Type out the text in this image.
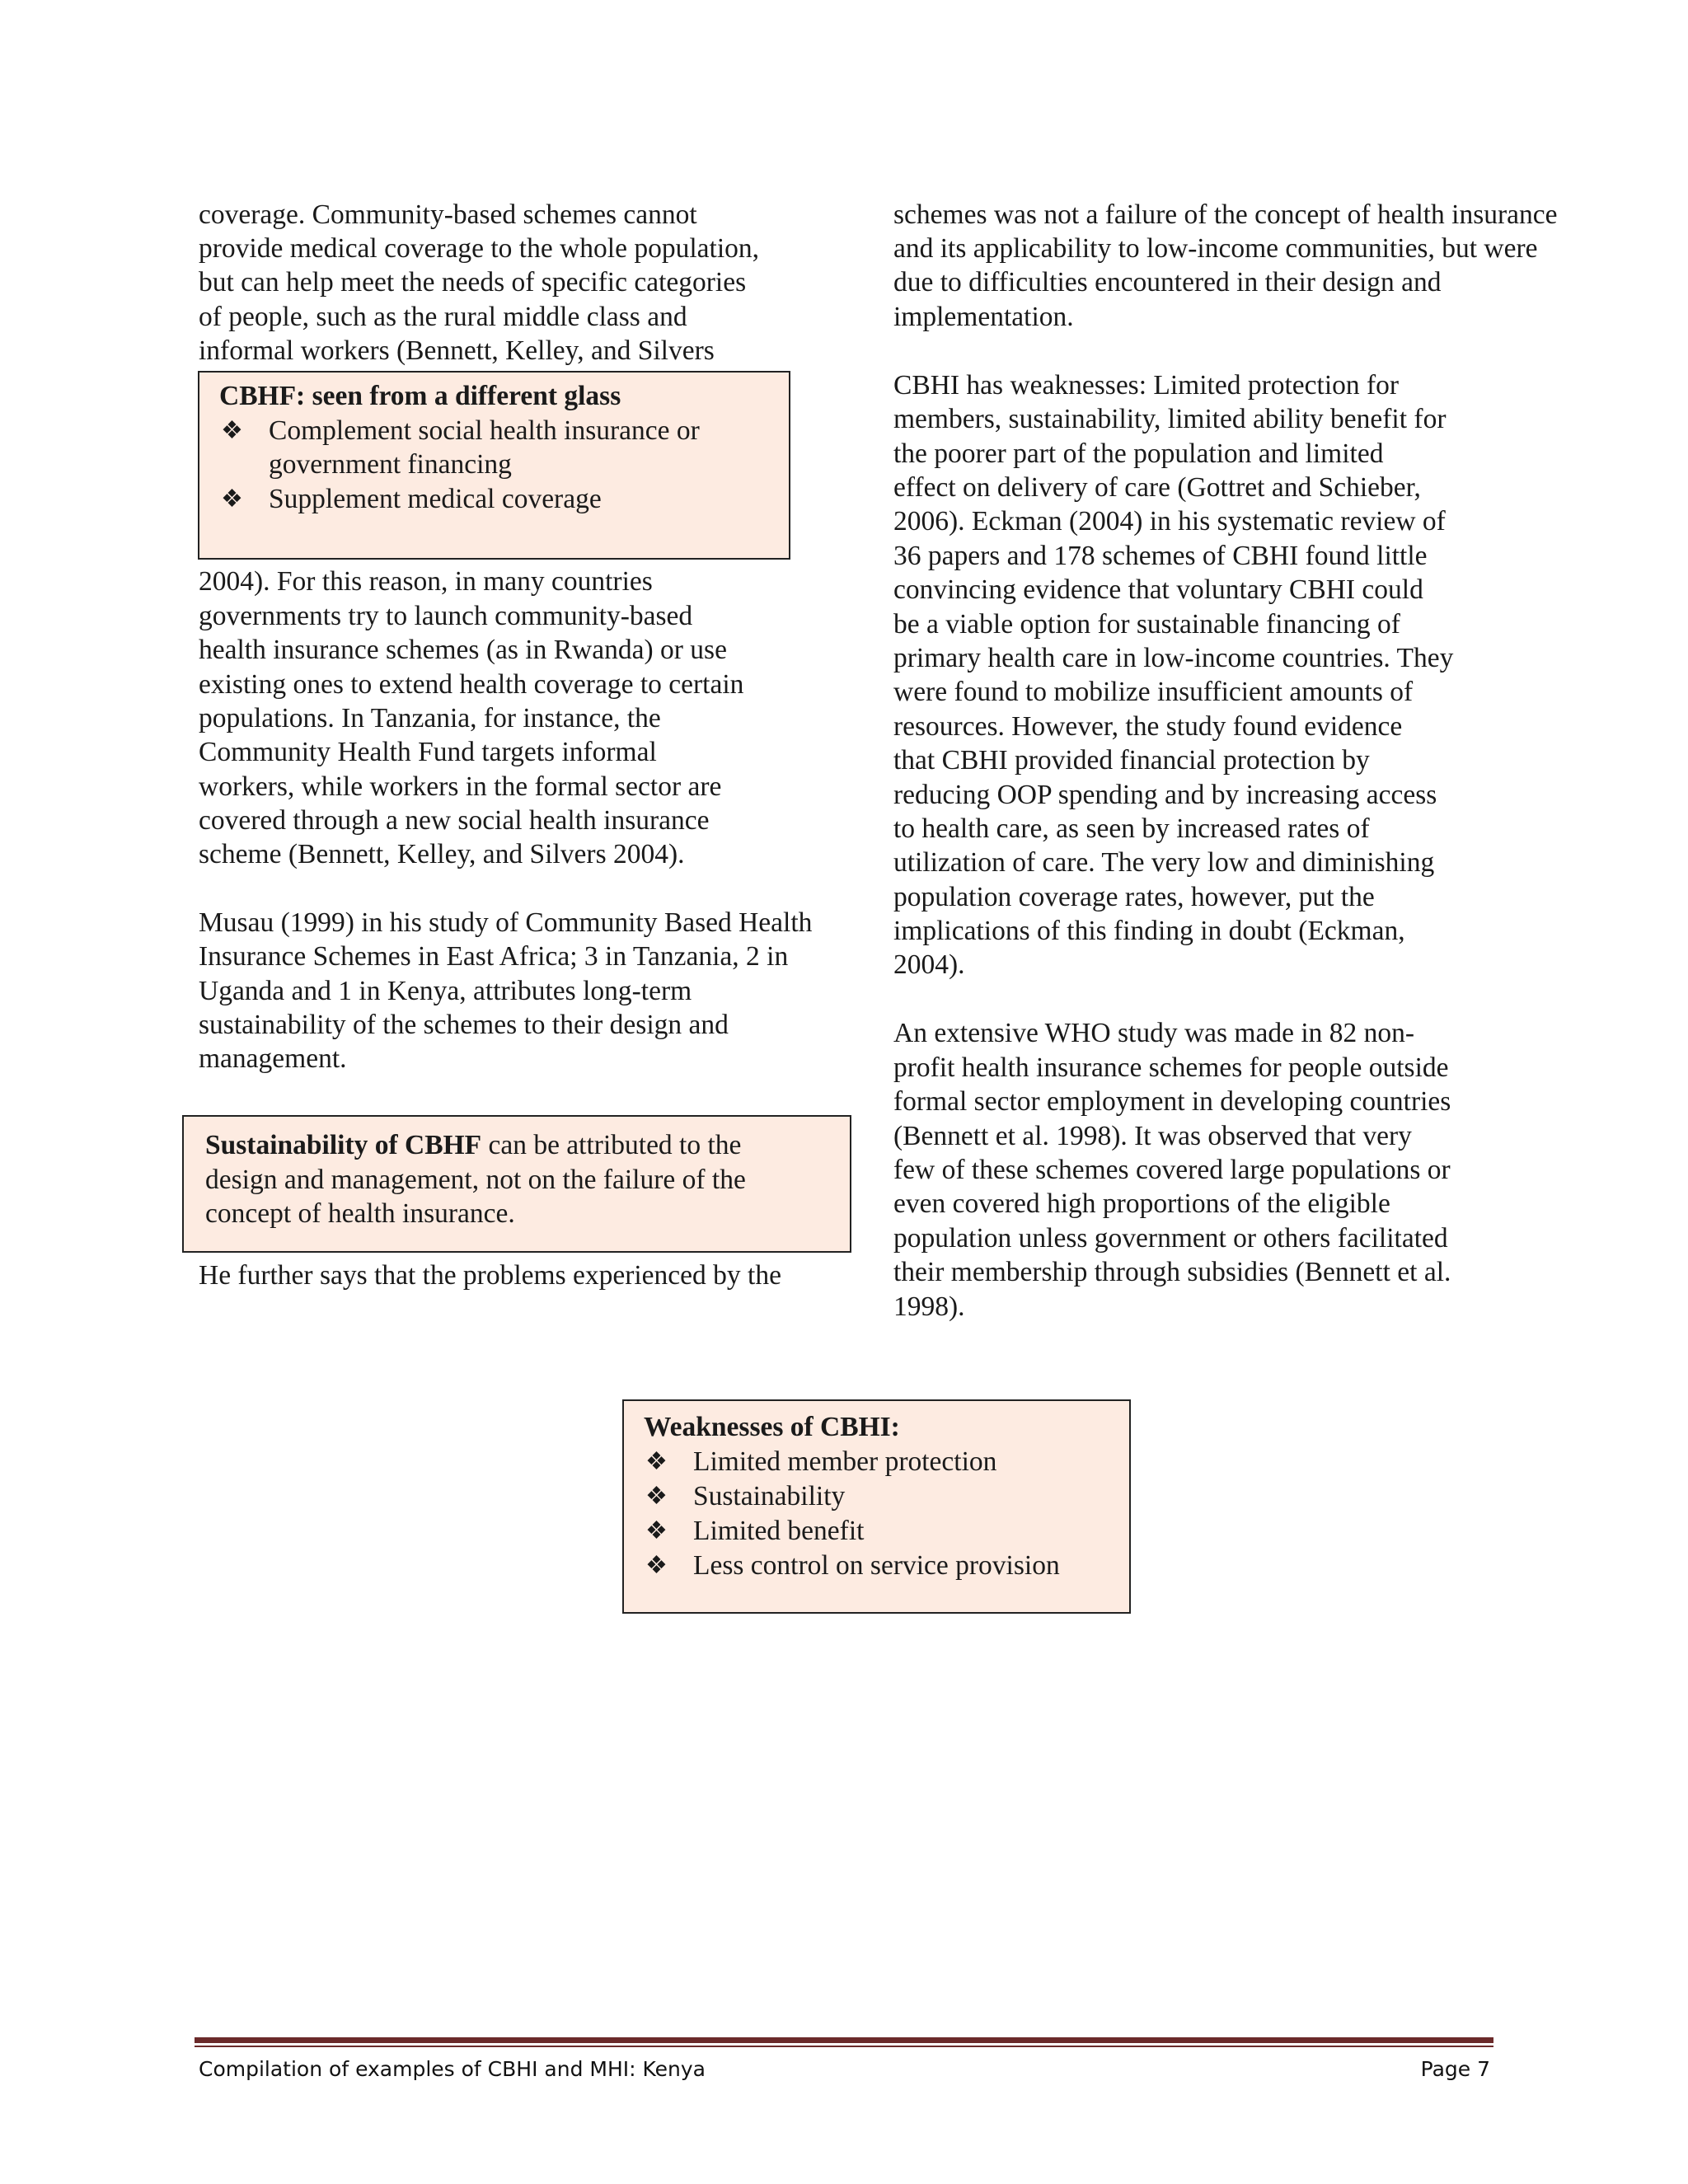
coverage. Community-based schemes cannot
provide medical coverage to the whole population,
but can help meet the needs of specific categories
of people, such as the rural middle class and
informal workers (Bennett, Kelley, and Silvers
2004). For this reason, in many countries
governments try to launch community-based
health insurance schemes (as in Rwanda) or use
existing ones to extend health coverage to certain
populations. In Tanzania, for instance, the
Community Health Fund targets informal
workers, while workers in the formal sector are
covered through a new social health insurance
scheme (Bennett, Kelley, and Silvers 2004).
Musau (1999) in his study of Community Based Health
Insurance Schemes in East Africa; 3 in Tanzania, 2 in
Uganda and 1 in Kenya, attributes long-term
sustainability of the schemes to their design and
management.
He further says that the problems experienced by the
schemes was not a failure of the concept of health insurance
and its applicability to low-income communities, but were
due to difficulties encountered in their design and
implementation.
CBHI has weaknesses: Limited protection for
members, sustainability, limited ability benefit for
the poorer part of the population and limited
effect on delivery of care (Gottret and Schieber,
2006). Eckman (2004) in his systematic review of
36 papers and 178 schemes of CBHI found little
convincing evidence that voluntary CBHI could
be a viable option for sustainable financing of
primary health care in low-income countries. They
were found to mobilize insufficient amounts of
resources. However, the study found evidence
that CBHI provided financial protection by
reducing OOP spending and by increasing access
to health care, as seen by increased rates of
utilization of care. The very low and diminishing
population coverage rates, however, put the
implications of this finding in doubt (Eckman,
2004).
An extensive WHO study was made in 82 non-
profit health insurance schemes for people outside
formal sector employment in developing countries
(Bennett et al. 1998). It was observed that very
few of these schemes covered large populations or
even covered high proportions of the eligible
population unless government or others facilitated
their membership through subsidies (Bennett et al.
1998).
CBHF: seen from a different glass
❖ Complement social health insurance or
government financing
❖ Supplement medical coverage
Sustainability of CBHF can be attributed to the
design and management, not on the failure of the
concept of health insurance.
Weaknesses of CBHI:
❖ Limited member protection
❖ Sustainability
❖ Limited benefit
❖ Less control on service provision
Compilation of examples of CBHI and MHI: Kenya	Page 7
